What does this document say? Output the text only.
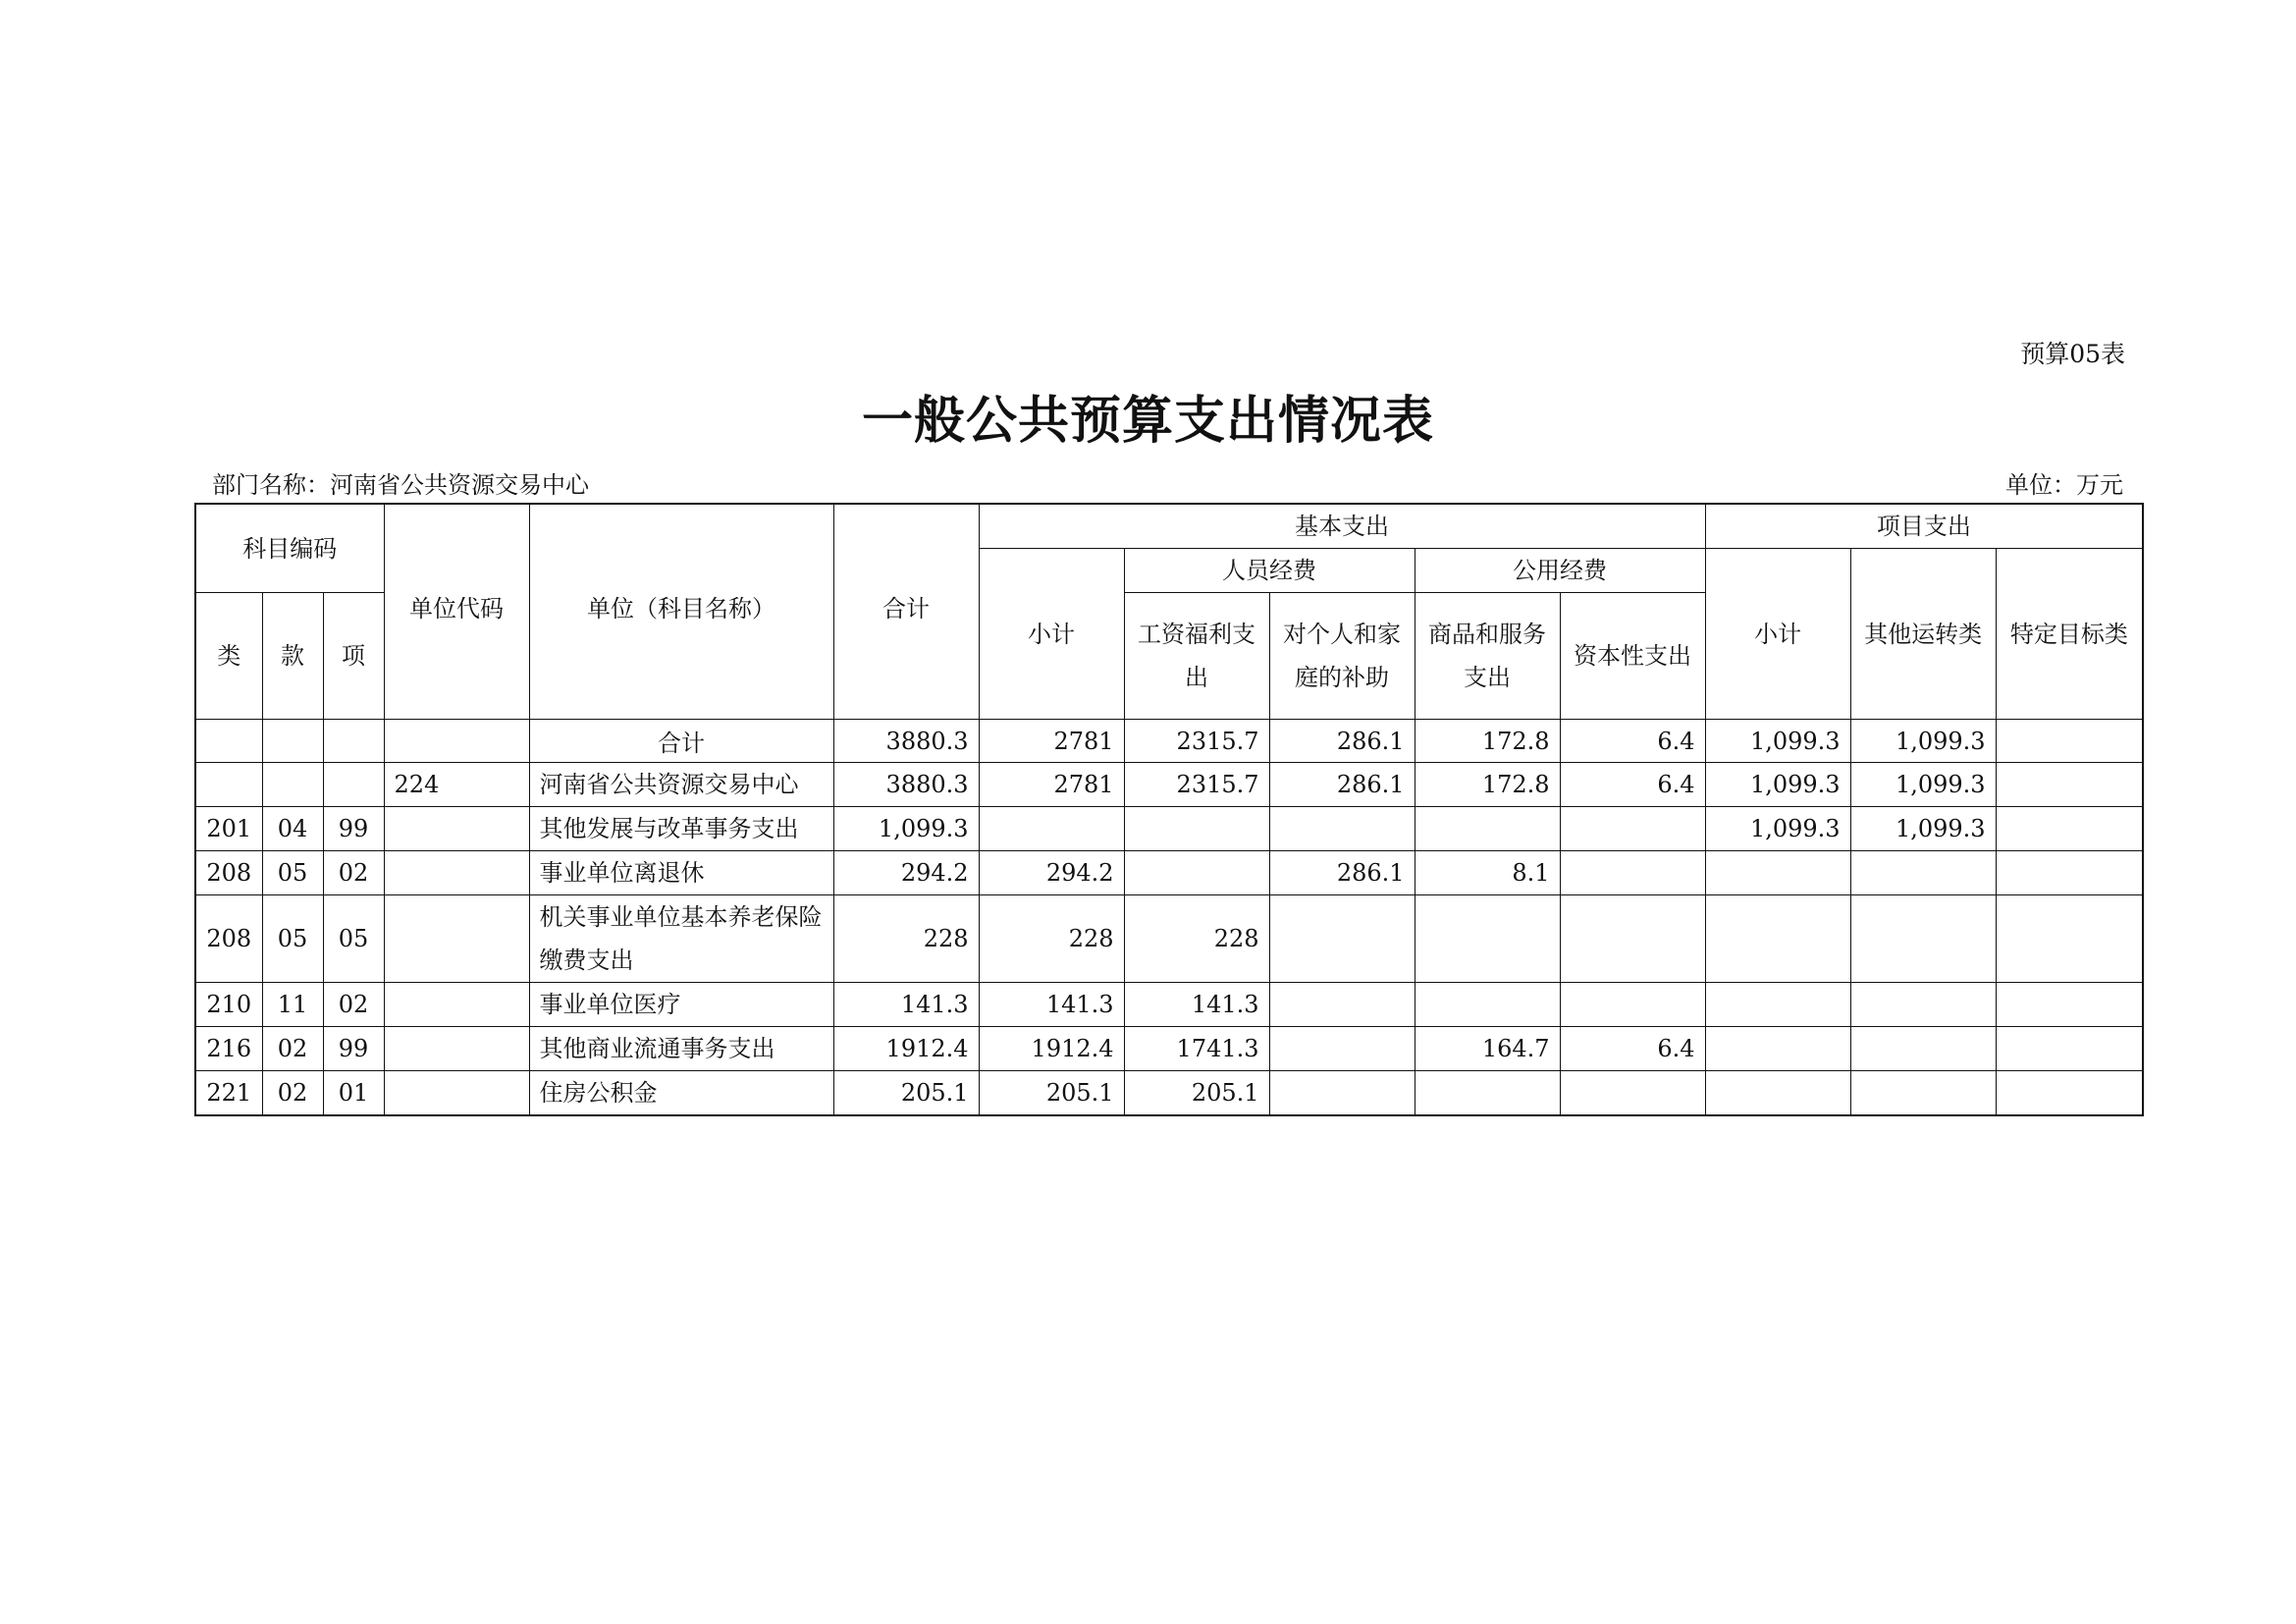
预算05表
一般公共预算支出情况表
部门名称：河南省公共资源交易中心	单位：万元
科目编码			单位代码	单位（科目名称）	合计	基本支出					项目支出		
						小计	人员经费		公用经费		小计	其他运转类	特定目标类
类	款	项					工资福利支出	对个人和家庭的补助	商品和服务支出	资本性支出			
				合计	3880.3	2781	2315.7	286.1	172.8	6.4	1,099.3	1,099.3	
			224	河南省公共资源交易中心	3880.3	2781	2315.7	286.1	172.8	6.4	1,099.3	1,099.3	
201	04	99		其他发展与改革事务支出	1,099.3						1,099.3	1,099.3	
208	05	02		事业单位离退休	294.2	294.2		286.1	8.1				
208	05	05		机关事业单位基本养老保险缴费支出	228	228	228						
210	11	02		事业单位医疗	141.3	141.3	141.3						
216	02	99		其他商业流通事务支出	1912.4	1912.4	1741.3		164.7	6.4			
221	02	01		住房公积金	205.1	205.1	205.1						
